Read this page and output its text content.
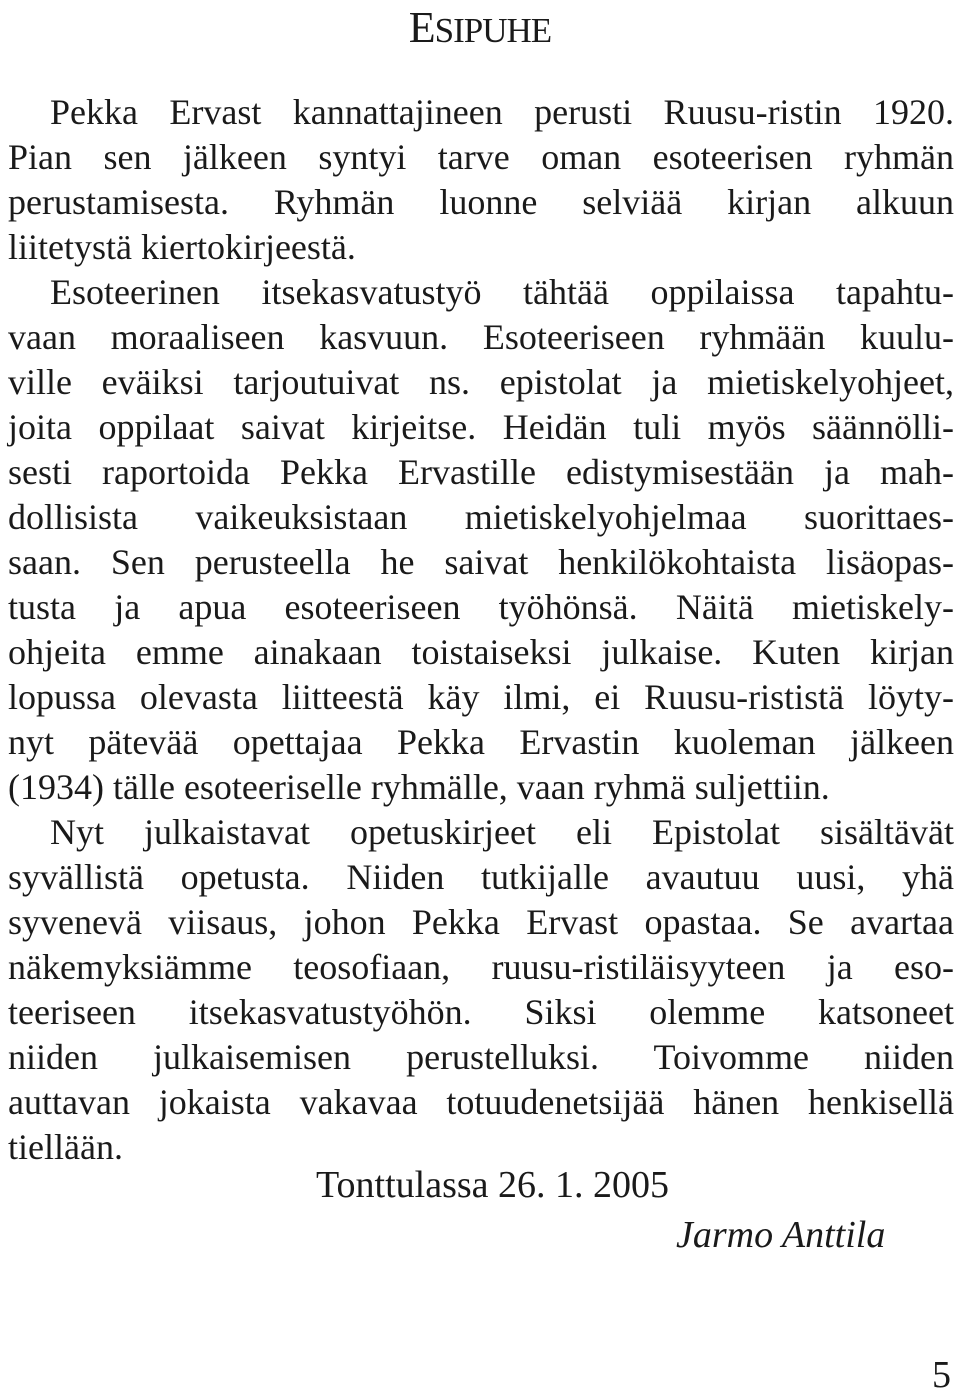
ESIPUHE
Pekka Ervast kannattajineen perusti Ruusu-ristin 1920.
Pian sen jälkeen syntyi tarve oman esoteerisen ryhmän
perustamisesta. Ryhmän luonne selviää kirjan alkuun
liitetystä kiertokirjeestä.
Esoteerinen itsekasvatustyö tähtää oppilaissa tapahtu-
vaan moraaliseen kasvuun. Esoteeriseen ryhmään kuulu-
ville eväiksi tarjoutuivat ns. epistolat ja mietiskelyohjeet,
joita oppilaat saivat kirjeitse. Heidän tuli myös säännölli-
sesti raportoida Pekka Ervastille edistymisestään ja mah-
dollisista vaikeuksistaan mietiskelyohjelmaa suorittaes-
saan. Sen perusteella he saivat henkilökohtaista lisäopas-
tusta ja apua esoteeriseen työhönsä. Näitä mietiskely-
ohjeita emme ainakaan toistaiseksi julkaise. Kuten kirjan
lopussa olevasta liitteestä käy ilmi, ei Ruusu-rististä löyty-
nyt pätevää opettajaa Pekka Ervastin kuoleman jälkeen
(1934) tälle esoteeriselle ryhmälle, vaan ryhmä suljettiin.
Nyt julkaistavat opetuskirjeet eli Epistolat sisältävät
syvällistä opetusta. Niiden tutkijalle avautuu uusi, yhä
syvenevä viisaus, johon Pekka Ervast opastaa. Se avartaa
näkemyksiämme teosofiaan, ruusu-ristiläisyyteen ja eso-
teeriseen itsekasvatustyöhön. Siksi olemme katsoneet
niiden julkaisemisen perustelluksi. Toivomme niiden
auttavan jokaista vakavaa totuudenetsijää hänen henkisellä
tiellään.
Tonttulassa 26. 1. 2005
Jarmo Anttila
5
